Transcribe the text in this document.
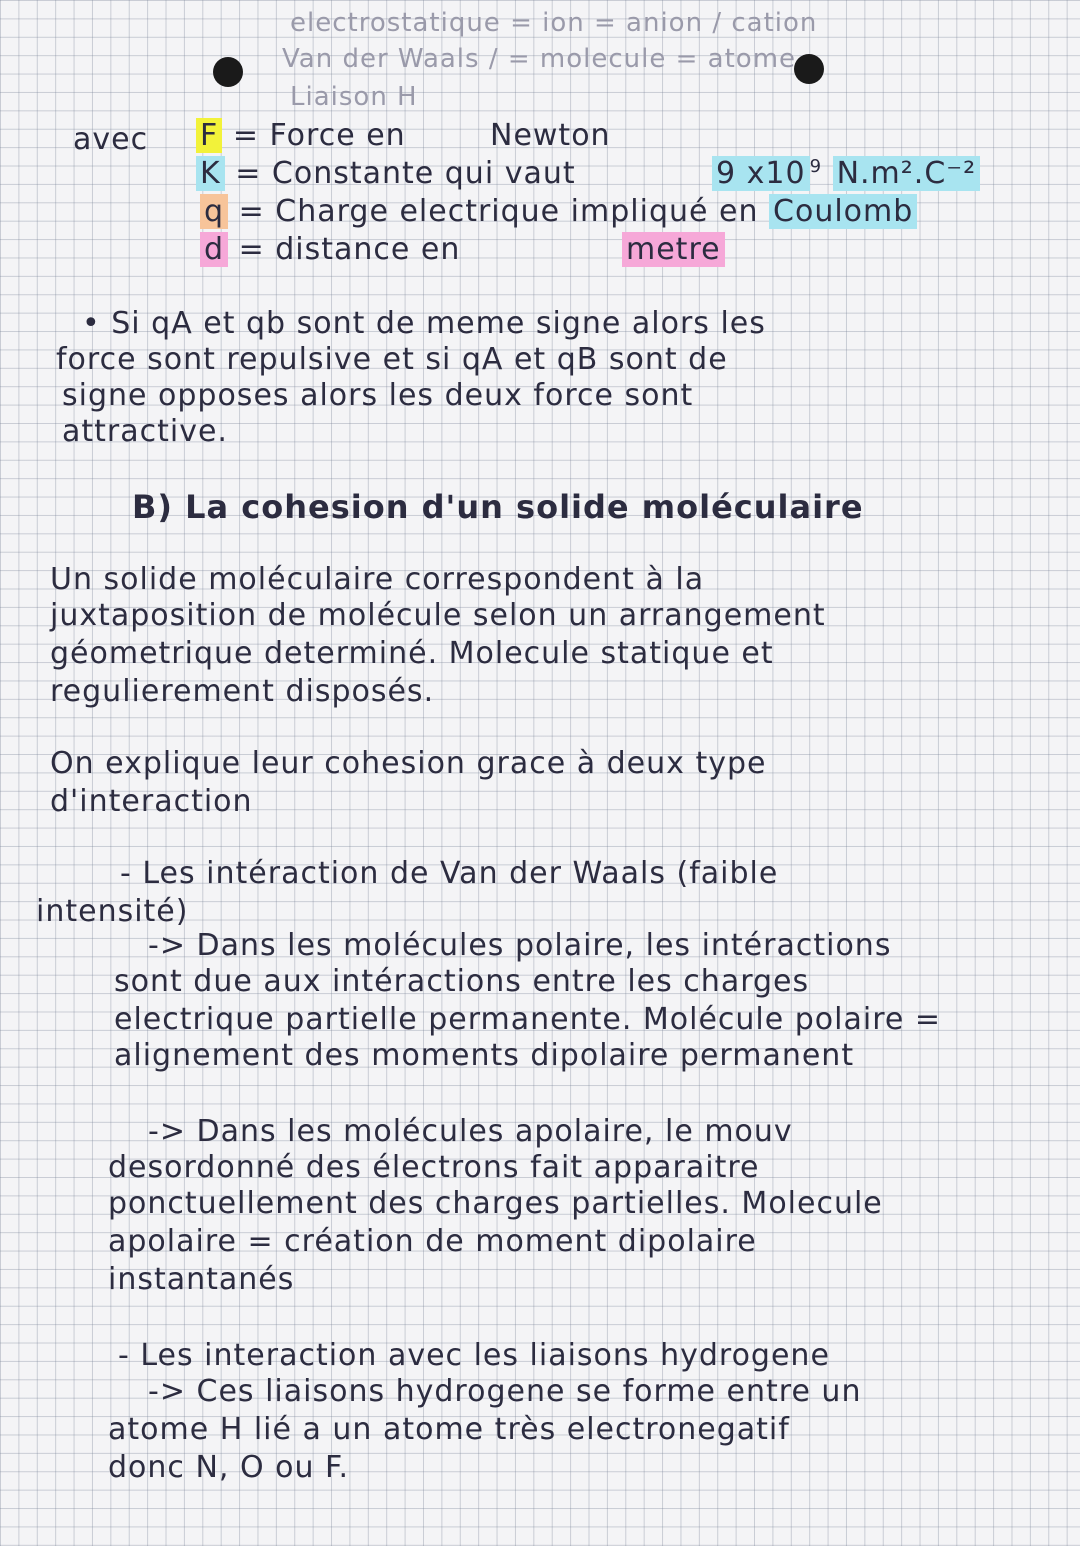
electrostatique = ion = anion / cation
Van der Waals / = molecule = atome
Liaison H
avec F = Force en	Newton
K = Constante qui vaut	9 x10 $^9$ N.m².C⁻²
q = Charge electrique impliqué en Coulomb
d = distance en	metre
• Si qA et qb sont de meme signe alors les
force sont repulsive et si qA et qB sont de
signe opposes alors les deux force sont
attractive.
B) La cohesion d'un solide moléculaire
Un solide moléculaire correspondent à la
juxtaposition de molécule selon un arrangement
géometrique determiné. Molecule statique et
regulierement disposés.
On explique leur cohesion grace à deux type
d'interaction
- Les intéraction de Van der Waals (faible
intensité)
-> Dans les molécules polaire, les intéractions
sont due aux intéractions entre les charges
electrique partielle permanente. Molécule polaire =
alignement des moments dipolaire permanent
-> Dans les molécules apolaire, le mouv
desordonné des électrons fait apparaitre
ponctuellement des charges partielles. Molecule
apolaire = création de moment dipolaire
instantanés
- Les interaction avec les liaisons hydrogene
-> Ces liaisons hydrogene se forme entre un
atome H lié a un atome très electronegatif
donc N, O ou F.
